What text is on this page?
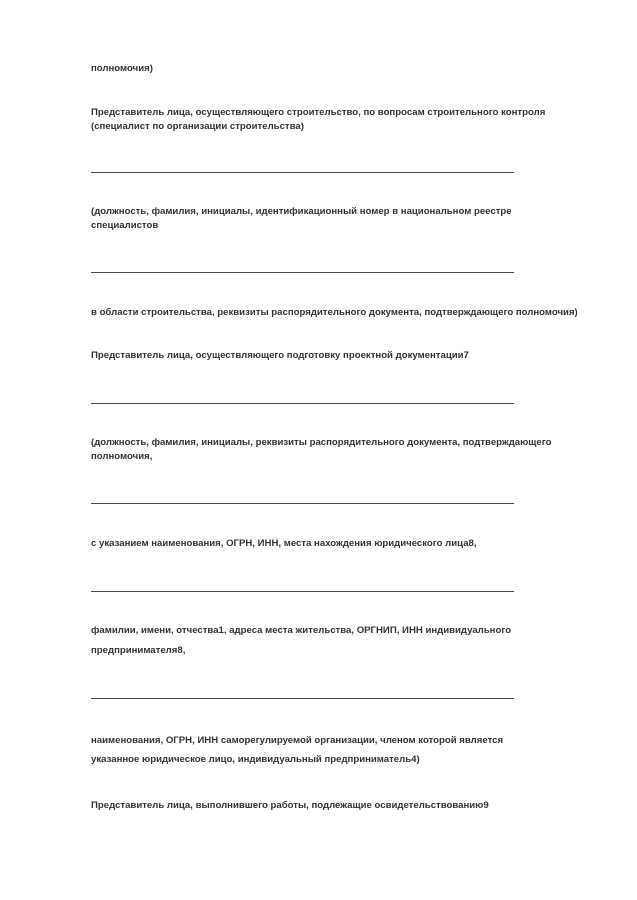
полномочия)
Представитель лица, осуществляющего строительство, по вопросам строительного контроля
(специалист по организации строительства)
(должность, фамилия, инициалы, идентификационный номер в национальном реестре
специалистов
в области строительства, реквизиты распорядительного документа, подтверждающего полномочия)
Представитель лица, осуществляющего подготовку проектной документации7
(должность, фамилия, инициалы, реквизиты распорядительного документа, подтверждающего
полномочия,
с указанием наименования, ОГРН, ИНН, места нахождения юридического лица8,
фамилии, имени, отчества1, адреса места жительства, ОРГНИП, ИНН индивидуального
предпринимателя8,
наименования, ОГРН, ИНН саморегулируемой организации, членом которой является
указанное юридическое лицо, индивидуальный предприниматель4)
Представитель лица, выполнившего работы, подлежащие освидетельствованию9
